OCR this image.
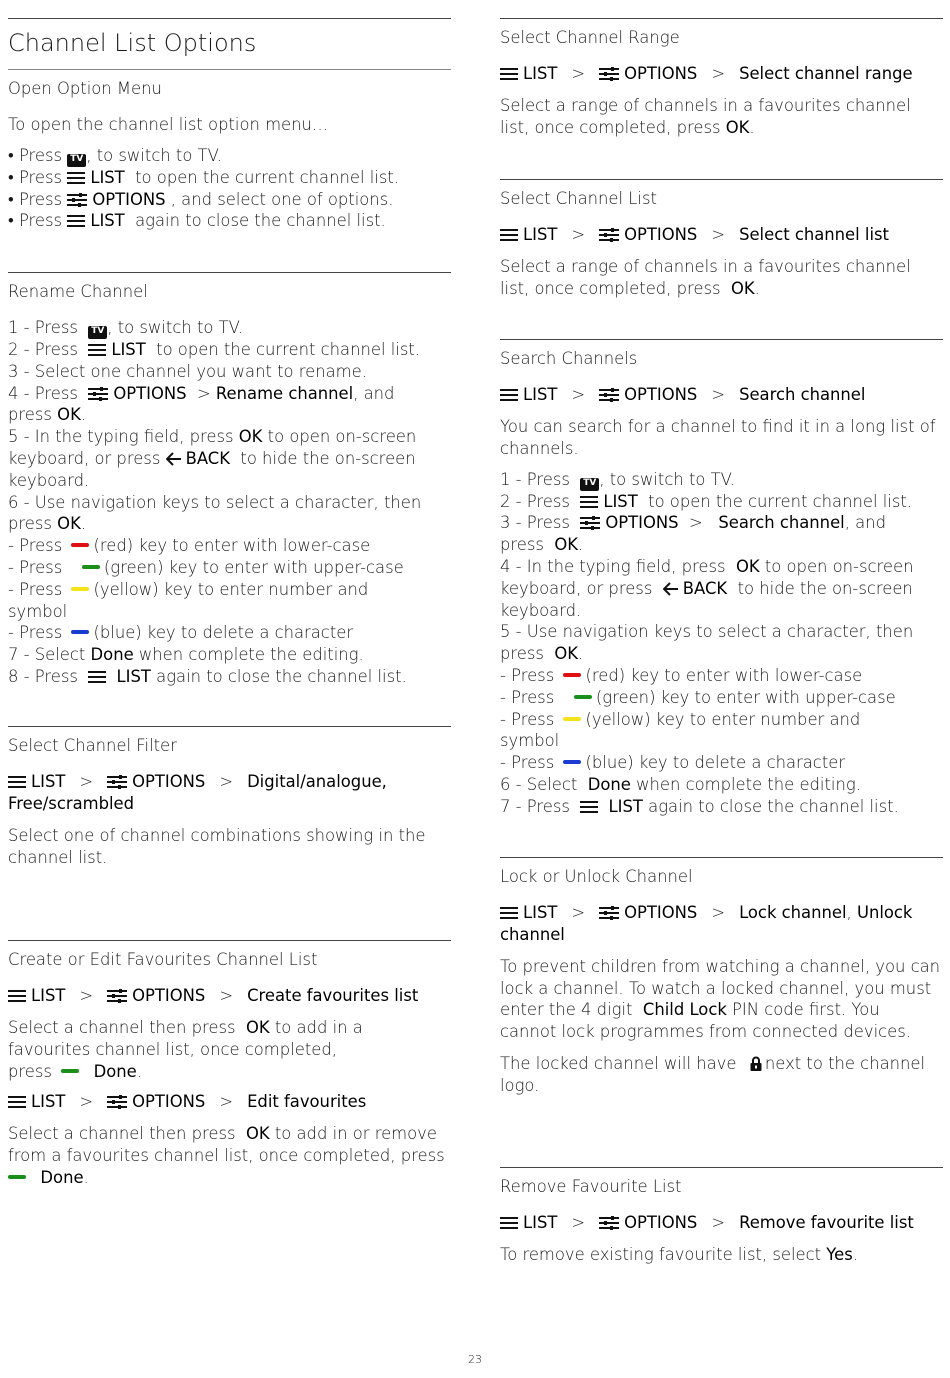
Channel List Options
Open Option Menu

To open the channel list option menu…

• Press TV , to switch to TV.
• Press LIST to open the current channel list.
• Press OPTIONS , and select one of options.
• Press LIST again to close the channel list.
Rename Channel
1 - Press TV , to switch to TV.
2 - Press LIST to open the current channel list.
3 - Select one channel you want to rename.
4 - Press OPTIONS > Rename channel, and
press OK.
5 - In the typing field, press OK to open on-screen
keyboard, or press BACK to hide the on-screen
keyboard.
6 - Use navigation keys to select a character, then
press OK.
- Press (red) key to enter with lower-case
- Press	(green) key to enter with upper-case
- Press (yellow) key to enter number and
symbol
- Press (blue) key to delete a character
7 - Select Done when complete the editing.
8 - Press LIST again to close the channel list.
Select Channel Filter
LIST > OPTIONS > Digital/analogue,
Free/scrambled

Select one of channel combinations showing in the channel list.

Create or Edit Favourites Channel List
LIST > OPTIONS > Create favourites list
Select a channel then press OK to add in a
favourites channel list, once completed,
press	Done.
LIST > OPTIONS > Edit favourites
Select a channel then press OK to add in or remove
from a favourites channel list, once completed, press
Done.
Select Channel Range
LIST > OPTIONS > Select channel range
Select a range of channels in a favourites channel
list, once completed, press OK.
Select Channel List
LIST > OPTIONS > Select channel list
Select a range of channels in a favourites channel
list, once completed, press OK.
Search Channels
LIST > OPTIONS > Search channel

You can search for a channel to find it in a long list of channels.

1 - Press TV , to switch to TV.
2 - Press LIST to open the current channel list.
3 - Press OPTIONS > Search channel, and
press OK.
4 - In the typing field, press OK to open on-screen
keyboard, or press BACK to hide the on-screen
keyboard.
5 - Use navigation keys to select a character, then
press OK.
- Press (red) key to enter with lower-case
- Press	(green) key to enter with upper-case
- Press (yellow) key to enter number and
symbol
- Press (blue) key to delete a character
6 - Select Done when complete the editing.
7 - Press LIST again to close the channel list.
Lock or Unlock Channel
LIST > OPTIONS > Lock channel, Unlock
channel
To prevent children from watching a channel, you can
lock a channel. To watch a locked channel, you must
enter the 4 digit Child Lock PIN code first. You
cannot lock programmes from connected devices.
The locked channel will have next to the channel
logo.
Remove Favourite List
LIST > OPTIONS > Remove favourite list
To remove existing favourite list, select Yes.
23
